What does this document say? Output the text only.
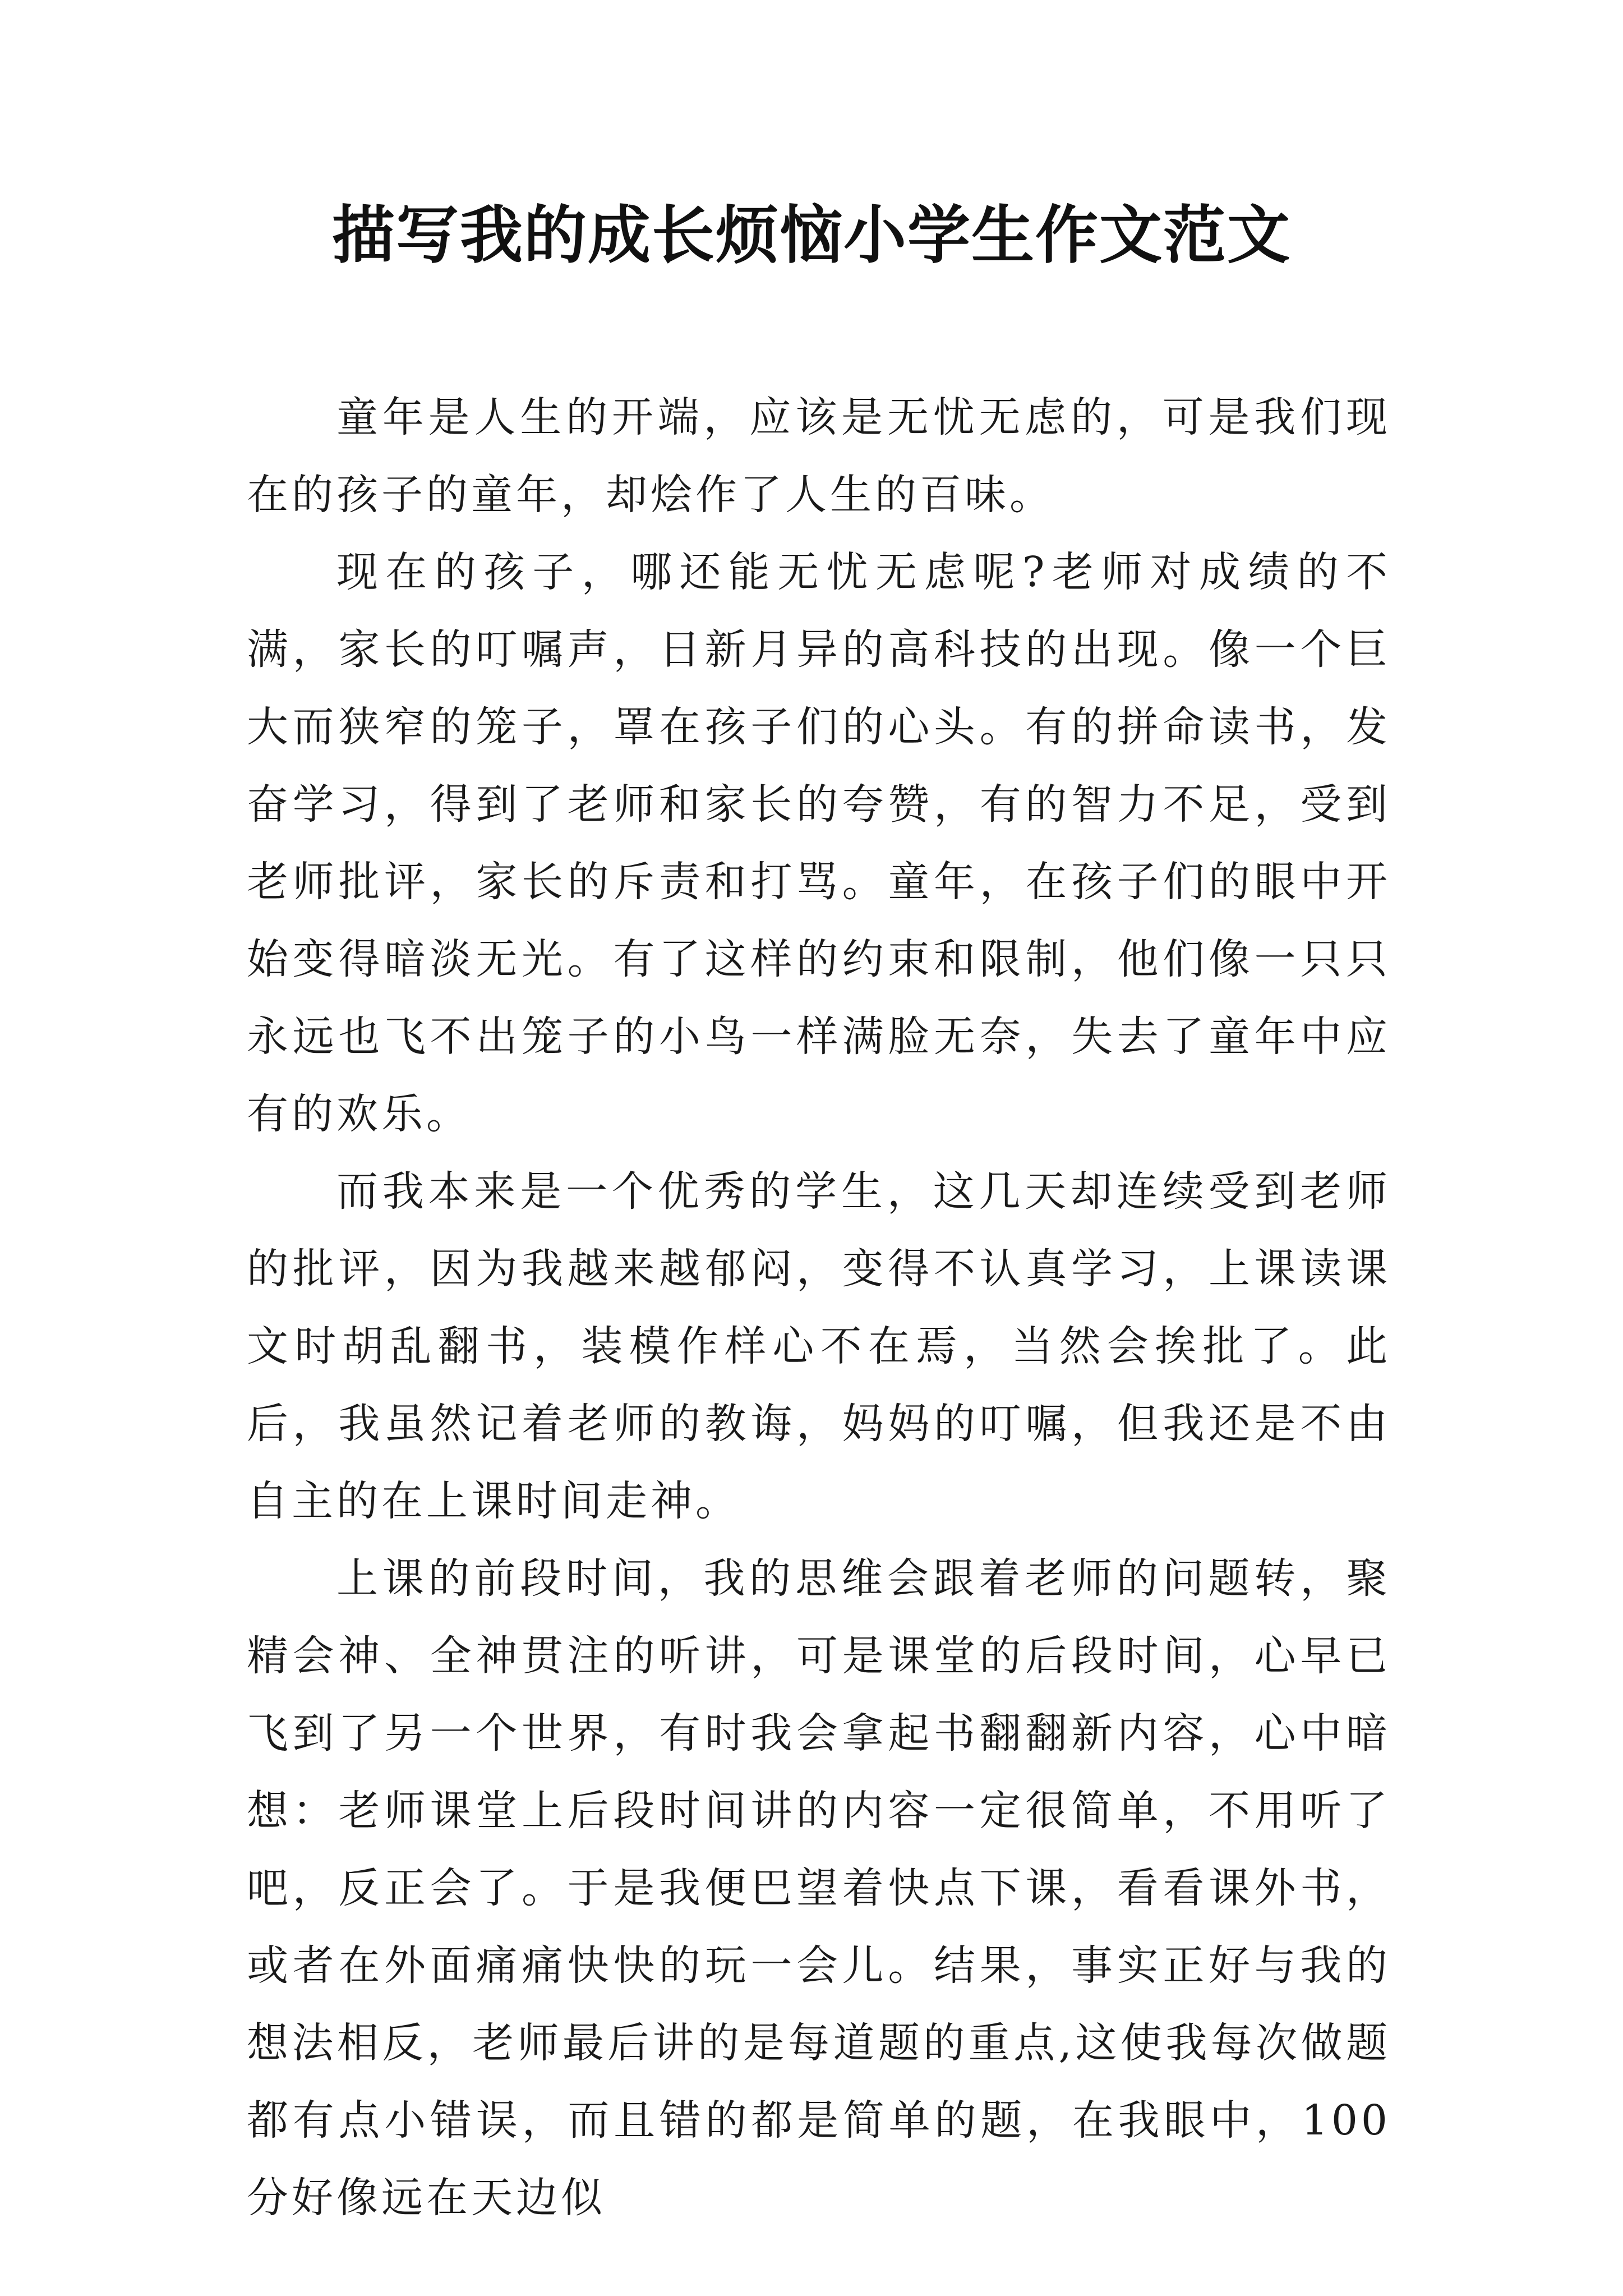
描写我的成长烦恼小学生作文范文

童年是人生的开端，应该是无忧无虑的，可是我们现在的孩子的童年，却烩作了人生的百味。

现在的孩子，哪还能无忧无虑呢?老师对成绩的不满，家长的叮嘱声，日新月异的高科技的出现。像一个巨大而狭窄的笼子，罩在孩子们的心头。有的拼命读书，发奋学习，得到了老师和家长的夸赞，有的智力不足，受到老师批评，家长的斥责和打骂。童年，在孩子们的眼中开始变得暗淡无光。有了这样的约束和限制，他们像一只只永远也飞不出笼子的小鸟一样满脸无奈，失去了童年中应有的欢乐。

而我本来是一个优秀的学生，这几天却连续受到老师的批评，因为我越来越郁闷，变得不认真学习，上课读课文时胡乱翻书，装模作样心不在焉，当然会挨批了。此后，我虽然记着老师的教诲，妈妈的叮嘱，但我还是不由自主的在上课时间走神。

上课的前段时间，我的思维会跟着老师的问题转，聚精会神、全神贯注的听讲，可是课堂的后段时间，心早已飞到了另一个世界，有时我会拿起书翻翻新内容，心中暗想：老师课堂上后段时间讲的内容一定很简单，不用听了吧，反正会了。于是我便巴望着快点下课，看看课外书，或者在外面痛痛快快的玩一会儿。结果，事实正好与我的想法相反，老师最后讲的是每道题的重点,这使我每次做题都有点小错误，而且错的都是简单的题，在我眼中，100 分好像远在天边似
